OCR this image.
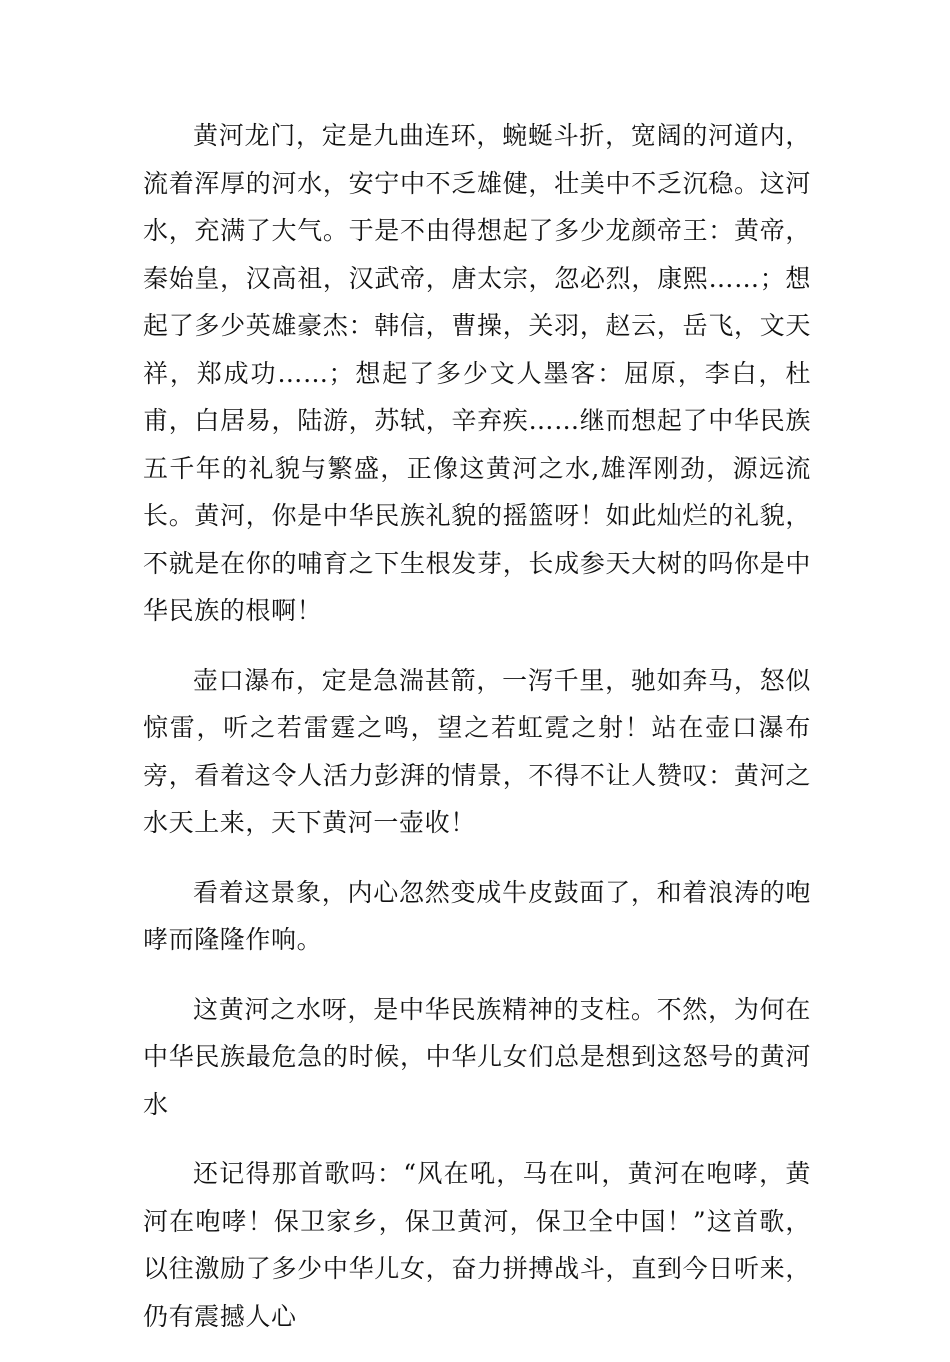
黄河龙门，定是九曲连环，蜿蜒斗折，宽阔的河道内，流着浑厚的河水，安宁中不乏雄健，壮美中不乏沉稳。这河水，充满了大气。于是不由得想起了多少龙颜帝王：黄帝，秦始皇，汉高祖，汉武帝，唐太宗，忽必烈，康熙……；想起了多少英雄豪杰：韩信，曹操，关羽，赵云，岳飞，文天祥，郑成功……；想起了多少文人墨客：屈原，李白，杜甫，白居易，陆游，苏轼，辛弃疾……继而想起了中华民族五千年的礼貌与繁盛，正像这黄河之水,雄浑刚劲，源远流长。黄河，你是中华民族礼貌的摇篮呀！如此灿烂的礼貌，不就是在你的哺育之下生根发芽，长成参天大树的吗你是中华民族的根啊！

壶口瀑布，定是急湍甚箭，一泻千里，驰如奔马，怒似惊雷，听之若雷霆之鸣，望之若虹霓之射！站在壶口瀑布旁，看着这令人活力彭湃的情景，不得不让人赞叹：黄河之水天上来，天下黄河一壶收！

看着这景象，内心忽然变成牛皮鼓面了，和着浪涛的咆哮而隆隆作响。

这黄河之水呀，是中华民族精神的支柱。不然，为何在中华民族最危急的时候，中华儿女们总是想到这怒号的黄河水

还记得那首歌吗：“风在吼，马在叫，黄河在咆哮，黄河在咆哮！保卫家乡，保卫黄河，保卫全中国！”这首歌，以往激励了多少中华儿女，奋力拼搏战斗，直到今日听来，仍有震撼人心
